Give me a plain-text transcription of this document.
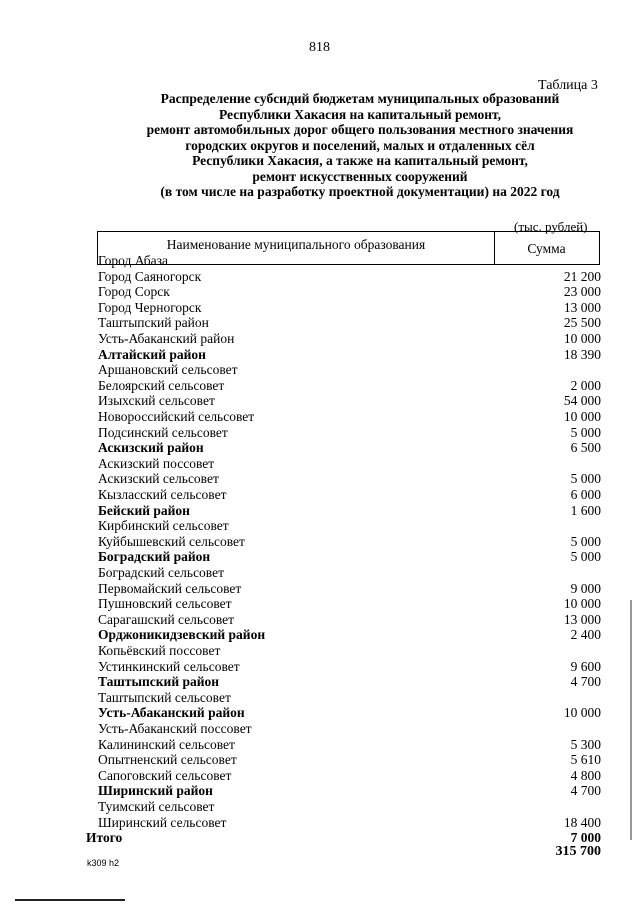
818
Таблица 3
Распределение субсидий бюджетам муниципальных образований
Республики Хакасия на капитальный ремонт,
ремонт автомобильных дорог общего пользования местного значения
городских округов и поселений, малых и отдаленных сёл
Республики Хакасия, а также на капитальный ремонт,
ремонт искусственных сооружений
(в том числе на разработку проектной документации) на 2022 год
(тыс. рублей)
Наименование муниципального образования	Сумма
Город Абаза
Город Саяногорск	21 200
Город Сорск	23 000
Город Черногорск	13 000
Таштыпский район	25 500
Усть-Абаканский район	10 000
Алтайский район	18 390
Аршановский сельсовет
Белоярский сельсовет	2 000
Изыхский сельсовет	54 000
Новороссийский сельсовет	10 000
Подсинский сельсовет	5 000
Аскизский район	6 500
Аскизский поссовет
Аскизский сельсовет	5 000
Кызласский сельсовет	6 000
Бейский район	1 600
Кирбинский сельсовет
Куйбышевский сельсовет	5 000
Боградский район	5 000
Боградский сельсовет
Первомайский сельсовет	9 000
Пушновский сельсовет	10 000
Сарагашский сельсовет	13 000
Орджоникидзевский район	2 400
Копьёвский поссовет
Устинкинский сельсовет	9 600
Таштыпский район	4 700
Таштыпский сельсовет
Усть-Абаканский район	10 000
Усть-Абаканский поссовет
Калининский сельсовет	5 300
Опытненский сельсовет	5 610
Сапоговский сельсовет	4 800
Ширинский район	4 700
Туимский сельсовет
Ширинский сельсовет	18 400
Итого	7 000
315 700
k309 h2
